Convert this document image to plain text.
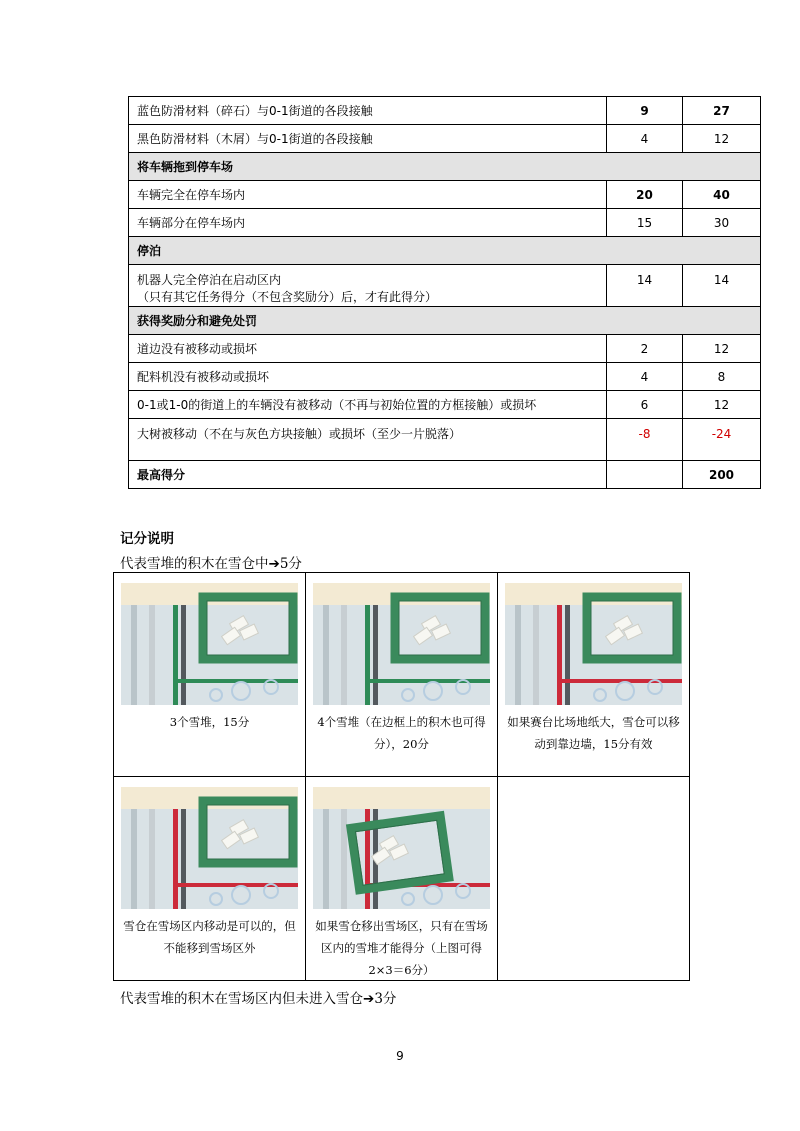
蓝色防滑材料（碎石）与0-1街道的各段接触	9	27

黑色防滑材料（木屑）与0-1街道的各段接触	4	12
将车辆拖到停车场		

车辆完全在停车场内	20	40

车辆部分在停车场内	15	30
停泊		

机器人完全停泊在启动区内
（只有其它任务得分（不包含奖励分）后，才有此得分）	14	14
获得奖励分和避免处罚		

道边没有被移动或损坏	2	12

配料机没有被移动或损坏	4	8

0-1或1-0的街道上的车辆没有被移动（不再与初始位置的方框接触）或损坏	6	12

大树被移动（不在与灰色方块接触）或损坏（至少一片脱落）	-8	-24

最高得分		200
记分说明
代表雪堆的积木在雪仓中➔5分
3个雪堆，15分	4个雪堆（在边框上的积木也可得分），20分	如果赛台比场地纸大，雪仓可以移动到靠边墙，15分有效

雪仓在雪场区内移动是可以的，但不能移到雪场区外	如果雪仓移出雪场区，只有在雪场区内的雪堆才能得分（上图可得2×3＝6分）	

代表雪堆的积木在雪场区内但未进入雪仓➔3分
9
